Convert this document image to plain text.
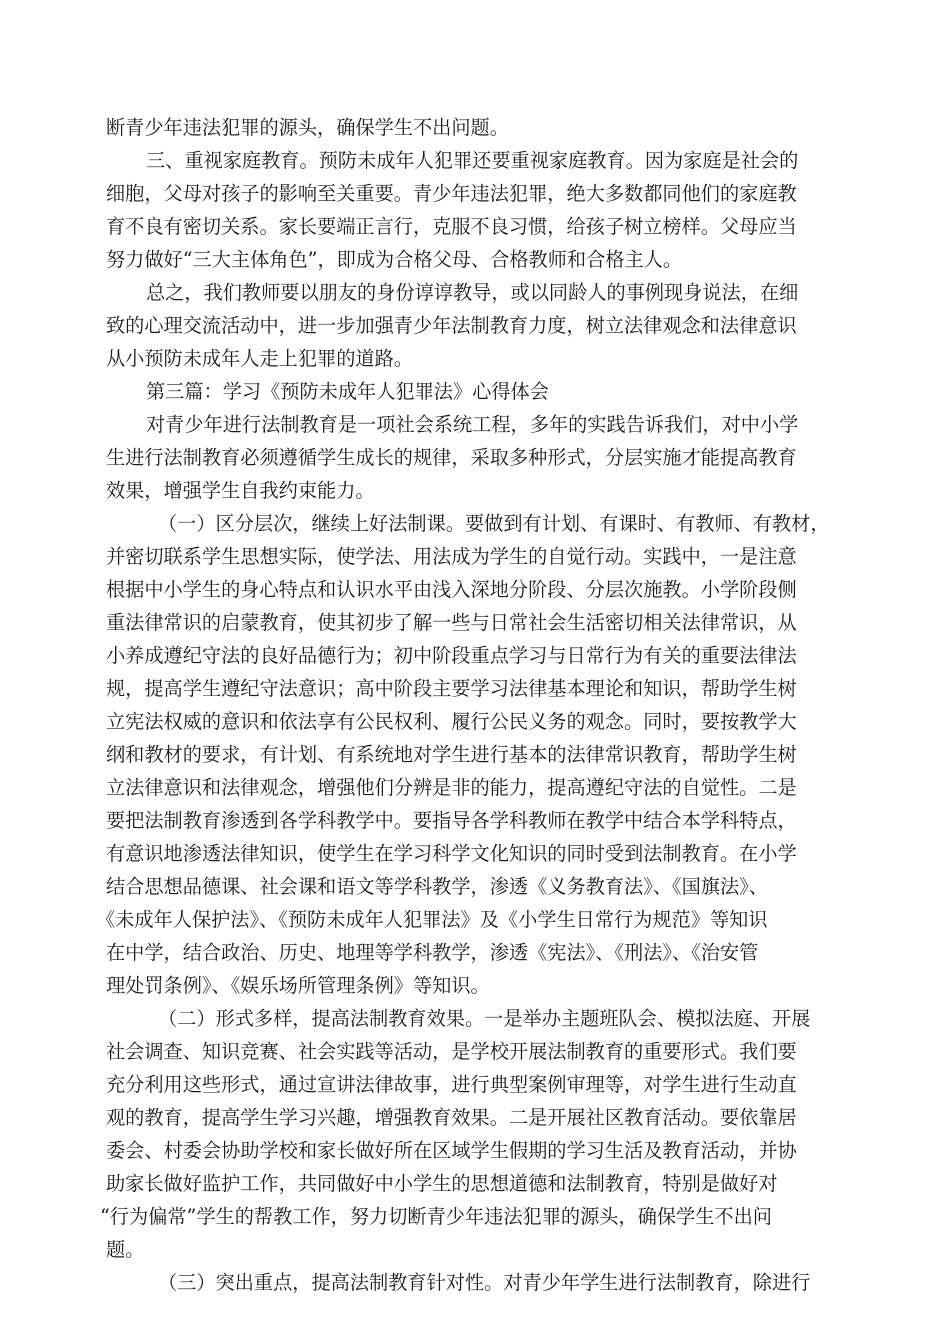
断青少年违法犯罪的源头，确保学生不出问题。
三、重视家庭教育。预防未成年人犯罪还要重视家庭教育。因为家庭是社会的
细胞，父母对孩子的影响至关重要。青少年违法犯罪，绝大多数都同他们的家庭教
育不良有密切关系。家长要端正言行，克服不良习惯，给孩子树立榜样。父母应当
努力做好“三大主体角色”，即成为合格父母、合格教师和合格主人。
总之，我们教师要以朋友的身份谆谆教导，或以同龄人的事例现身说法，在细
致的心理交流活动中，进一步加强青少年法制教育力度，树立法律观念和法律意识
从小预防未成年人走上犯罪的道路。
第三篇：学习《预防未成年人犯罪法》心得体会
对青少年进行法制教育是一项社会系统工程，多年的实践告诉我们，对中小学
生进行法制教育必须遵循学生成长的规律，采取多种形式，分层实施才能提高教育
效果，增强学生自我约束能力。
（一）区分层次，继续上好法制课。要做到有计划、有课时、有教师、有教材，
并密切联系学生思想实际，使学法、用法成为学生的自觉行动。实践中，一是注意
根据中小学生的身心特点和认识水平由浅入深地分阶段、分层次施教。小学阶段侧
重法律常识的启蒙教育，使其初步了解一些与日常社会生活密切相关法律常识，从
小养成遵纪守法的良好品德行为；初中阶段重点学习与日常行为有关的重要法律法
规，提高学生遵纪守法意识；高中阶段主要学习法律基本理论和知识，帮助学生树
立宪法权威的意识和依法享有公民权利、履行公民义务的观念。同时，要按教学大
纲和教材的要求，有计划、有系统地对学生进行基本的法律常识教育，帮助学生树
立法律意识和法律观念，增强他们分辨是非的能力，提高遵纪守法的自觉性。二是
要把法制教育渗透到各学科教学中。要指导各学科教师在教学中结合本学科特点，
有意识地渗透法律知识，使学生在学习科学文化知识的同时受到法制教育。在小学
结合思想品德课、社会课和语文等学科教学，渗透《义务教育法》、《国旗法》、
《未成年人保护法》、《预防未成年人犯罪法》及《小学生日常行为规范》等知识
在中学，结合政治、历史、地理等学科教学，渗透《宪法》、《刑法》、《治安管
理处罚条例》、《娱乐场所管理条例》等知识。
（二）形式多样，提高法制教育效果。一是举办主题班队会、模拟法庭、开展
社会调查、知识竞赛、社会实践等活动，是学校开展法制教育的重要形式。我们要
充分利用这些形式，通过宣讲法律故事，进行典型案例审理等，对学生进行生动直
观的教育，提高学生学习兴趣，增强教育效果。二是开展社区教育活动。要依靠居
委会、村委会协助学校和家长做好所在区域学生假期的学习生活及教育活动，并协
助家长做好监护工作，共同做好中小学生的思想道德和法制教育，特别是做好对
“行为偏常”学生的帮教工作，努力切断青少年违法犯罪的源头，确保学生不出问
题。
（三）突出重点，提高法制教育针对性。对青少年学生进行法制教育，除进行
